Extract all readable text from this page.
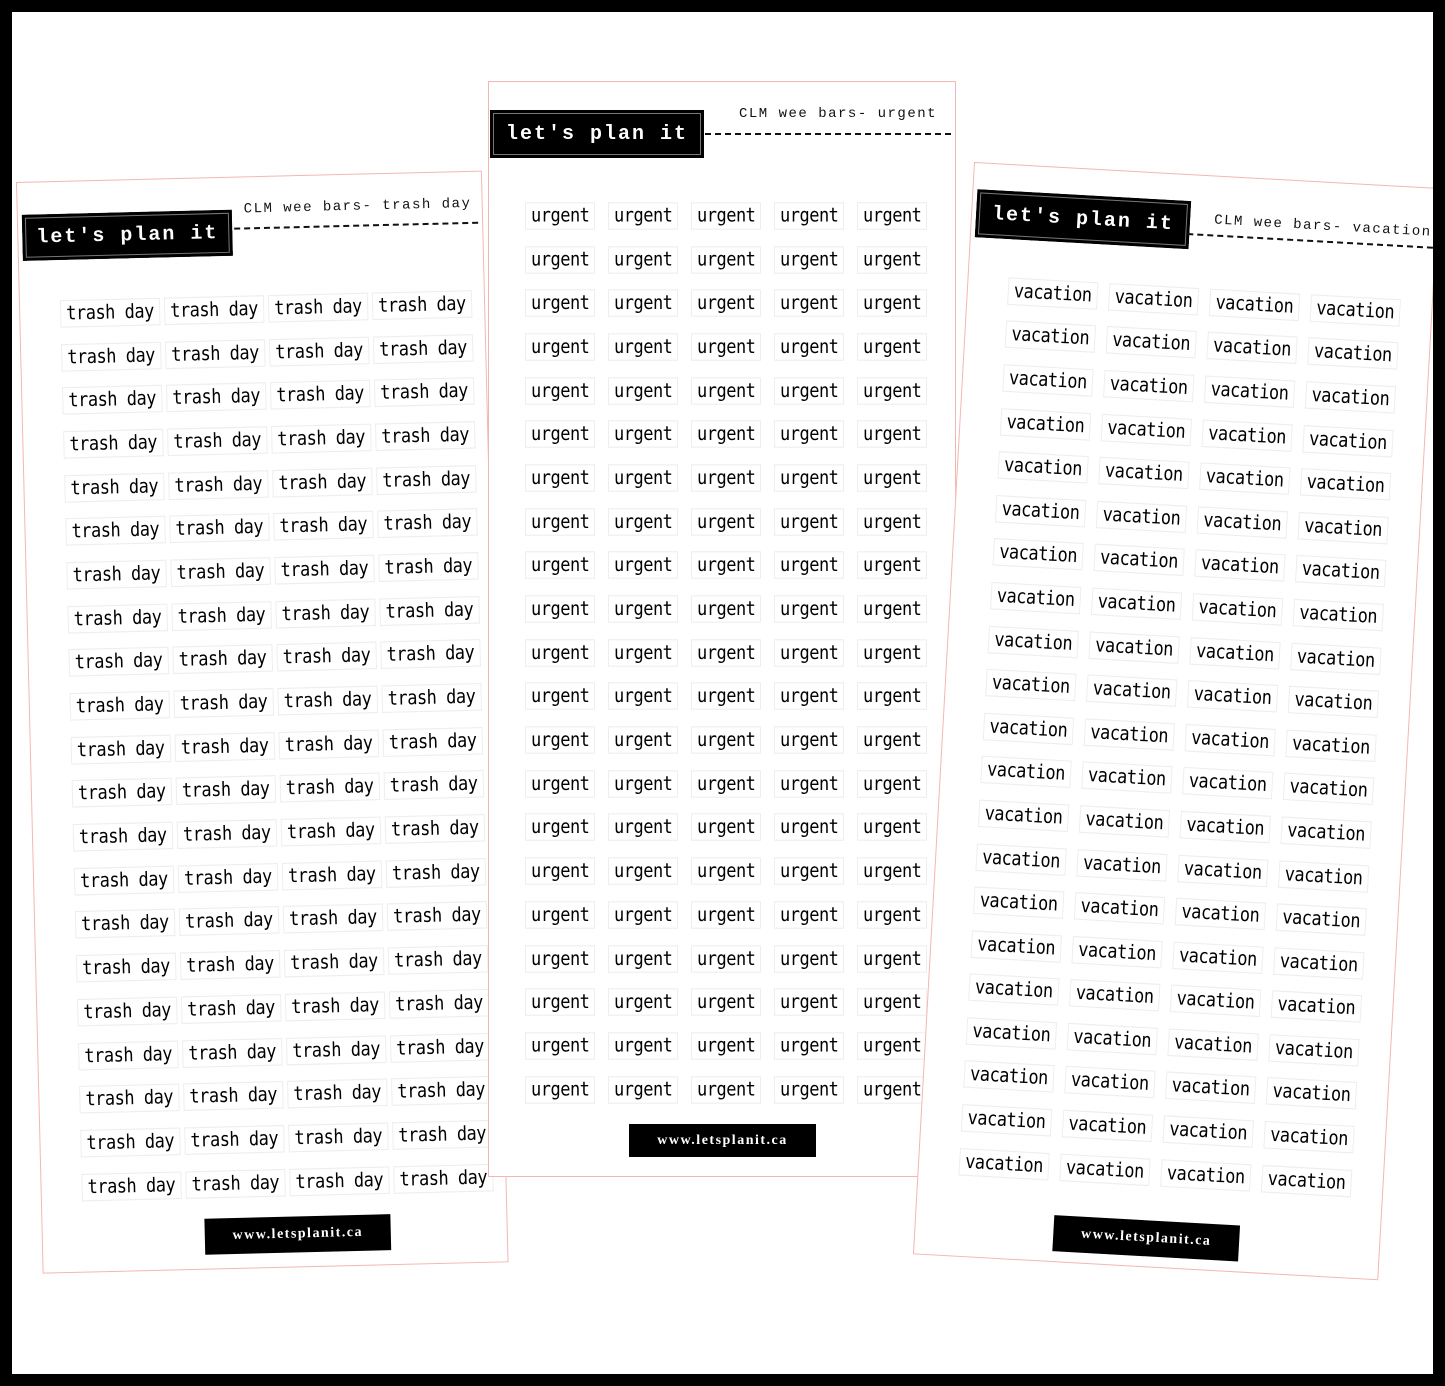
let's plan it
CLM wee bars- trash day
trash day trash day trash day trash day
trash day trash day trash day trash day
trash day trash day trash day trash day
trash day trash day trash day trash day
trash day trash day trash day trash day
trash day trash day trash day trash day
trash day trash day trash day trash day
trash day trash day trash day trash day
trash day trash day trash day trash day
trash day trash day trash day trash day
trash day trash day trash day trash day
trash day trash day trash day trash day
trash day trash day trash day trash day
trash day trash day trash day trash day
trash day trash day trash day trash day
trash day trash day trash day trash day
trash day trash day trash day trash day
trash day trash day trash day trash day
trash day trash day trash day trash day
trash day trash day trash day trash day
trash day trash day trash day trash day
www.letsplanit.ca
let's plan it
CLM wee bars- urgent
urgent	urgent	urgent	urgent	urgent
urgent	urgent	urgent	urgent	urgent
urgent	urgent	urgent	urgent	urgent
urgent	urgent	urgent	urgent	urgent
urgent	urgent	urgent	urgent	urgent
urgent	urgent	urgent	urgent	urgent
urgent	urgent	urgent	urgent	urgent
urgent	urgent	urgent	urgent	urgent
urgent	urgent	urgent	urgent	urgent
urgent	urgent	urgent	urgent	urgent
urgent	urgent	urgent	urgent	urgent
urgent	urgent	urgent	urgent	urgent
urgent	urgent	urgent	urgent	urgent
urgent	urgent	urgent	urgent	urgent
urgent	urgent	urgent	urgent	urgent
urgent	urgent	urgent	urgent	urgent
urgent	urgent	urgent	urgent	urgent
urgent	urgent	urgent	urgent	urgent
urgent	urgent	urgent	urgent	urgent
urgent	urgent	urgent	urgent	urgent
urgent	urgent	urgent	urgent	urgent
www.letsplanit.ca
let's plan it	CLM wee bars- vacation
vacation	vacation	vacation	vacation
vacation	vacation	vacation	vacation
vacation	vacation	vacation	vacation
vacation	vacation	vacation	vacation
vacation	vacation	vacation	vacation
vacation	vacation	vacation	vacation
vacation	vacation	vacation	vacation
vacation	vacation	vacation	vacation
vacation	vacation	vacation	vacation
vacation	vacation	vacation	vacation
vacation	vacation	vacation	vacation
vacation	vacation	vacation	vacation
vacation	vacation	vacation	vacation
vacation	vacation	vacation	vacation
vacation	vacation	vacation	vacation
vacation	vacation	vacation	vacation
vacation	vacation	vacation	vacation
vacation	vacation	vacation	vacation
vacation	vacation	vacation	vacation
vacation	vacation	vacation	vacation
vacation	vacation	vacation	vacation
www.letsplanit.ca
